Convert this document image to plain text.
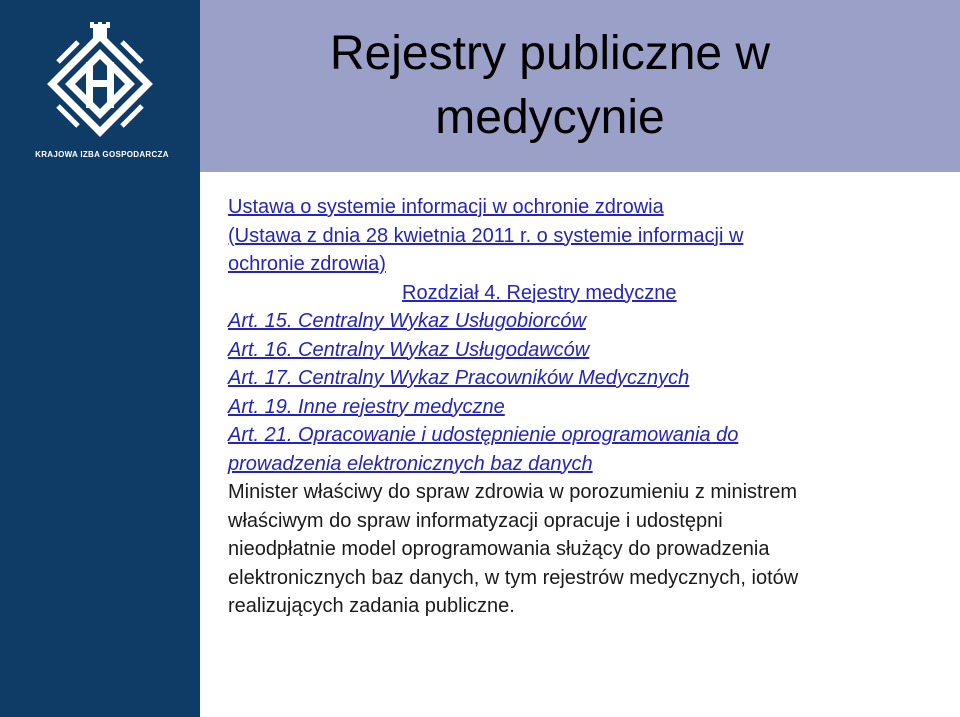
KRAJOWA IZBA GOSPODARCZA
Rejestry publiczne w medycynie
Ustawa o systemie informacji w ochronie zdrowia
(Ustawa z dnia 28 kwietnia 2011 r. o systemie informacji w
ochronie zdrowia)
Rozdział 4. Rejestry medyczne
Art. 15. Centralny Wykaz Usługobiorców
Art. 16. Centralny Wykaz Usługodawców
Art. 17. Centralny Wykaz Pracowników Medycznych
Art. 19. Inne rejestry medyczne
Art. 21. Opracowanie i udostępnienie oprogramowania do
prowadzenia elektronicznych baz danych
Minister właściwy do spraw zdrowia w porozumieniu z ministrem
właściwym do spraw informatyzacji opracuje i udostępni
nieodpłatnie model oprogramowania służący do prowadzenia
elektronicznych baz danych, w tym rejestrów medycznych, iotów
realizujących zadania publiczne.
